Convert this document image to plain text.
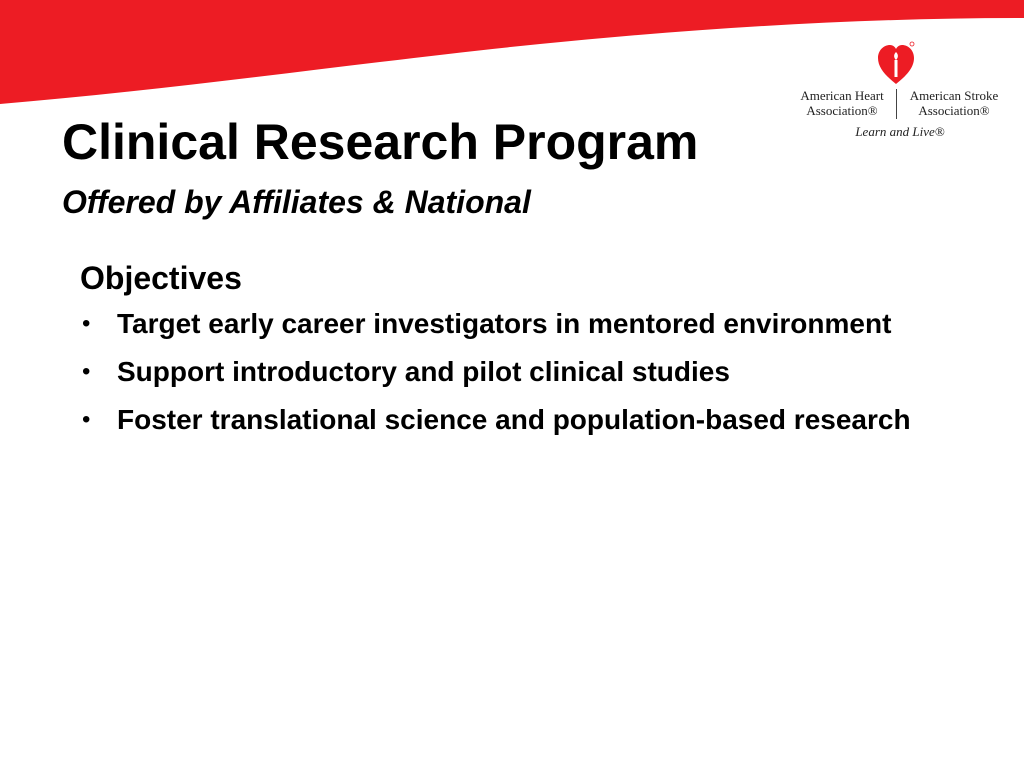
American Heart
Association®
American Stroke
Association®
Learn and Live®
Clinical Research Program
Offered by Affiliates & National
Objectives
• Target early career investigators in mentored environment
• Support introductory and pilot clinical studies
• Foster translational science and population-based research
